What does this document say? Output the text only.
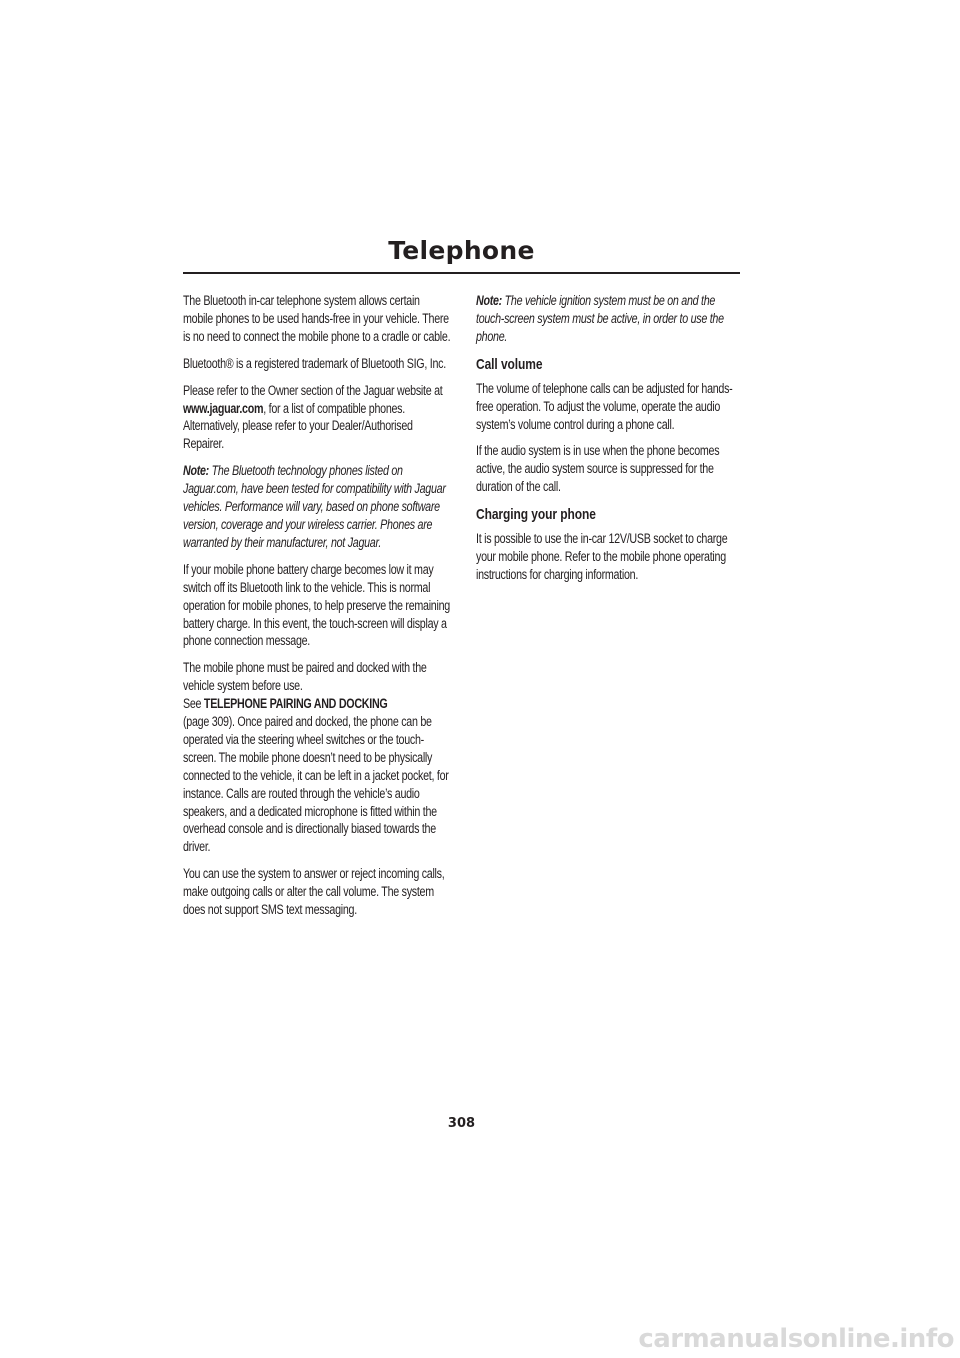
Telephone

The Bluetooth in-car telephone system allows certain mobile phones to be used hands-free in your vehicle. There is no need to connect the mobile phone to a cradle or cable.

Bluetooth® is a registered trademark of Bluetooth SIG, Inc.

Please refer to the Owner section of the Jaguar website at www.jaguar.com, for a list of compatible phones. Alternatively, please refer to your Dealer/Authorised Repairer.

Note: The Bluetooth technology phones listed on Jaguar.com, have been tested for compatibility with Jaguar vehicles. Performance will vary, based on phone software version, coverage and your wireless carrier. Phones are warranted by their manufacturer, not Jaguar.

If your mobile phone battery charge becomes low it may switch off its Bluetooth link to the vehicle. This is normal operation for mobile phones, to help preserve the remaining battery charge. In this event, the touch-screen will display a phone connection message.

The mobile phone must be paired and docked with the vehicle system before use.
See TELEPHONE PAIRING AND DOCKING
(page 309). Once paired and docked, the phone can be operated via the steering wheel switches or the touch-screen. The mobile phone doesn’t need to be physically connected to the vehicle, it can be left in a jacket pocket, for instance. Calls are routed through the vehicle’s audio speakers, and a dedicated microphone is fitted within the overhead console and is directionally biased towards the driver.

You can use the system to answer or reject incoming calls, make outgoing calls or alter the call volume. The system does not support SMS text messaging.

Note: The vehicle ignition system must be on and the touch-screen system must be active, in order to use the phone.

Call volume

The volume of telephone calls can be adjusted for hands-free operation. To adjust the volume, operate the audio system’s volume control during a phone call.

If the audio system is in use when the phone becomes active, the audio system source is suppressed for the duration of the call.

Charging your phone

It is possible to use the in-car 12V/USB socket to charge your mobile phone. Refer to the mobile phone operating instructions for charging information.

308
carmanualsonline.info
